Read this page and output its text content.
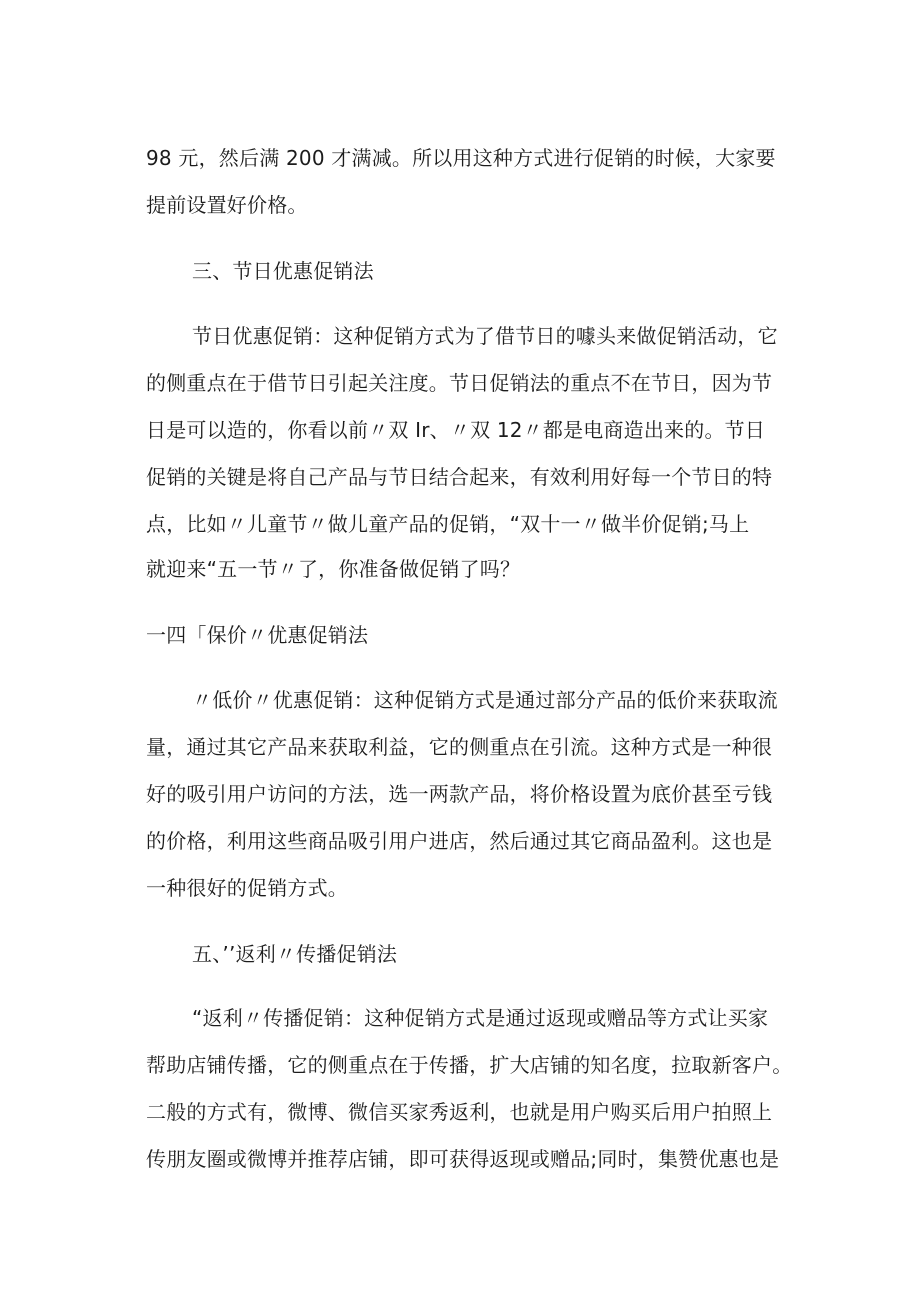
98 元，然后满 200 才满减。所以用这种方式进行促销的时候，大家要
提前设置好价格。
三、节日优惠促销法
节日优惠促销：这种促销方式为了借节日的噱头来做促销活动，它
的侧重点在于借节日引起关注度。节日促销法的重点不在节日，因为节
日是可以造的，你看以前〃双 Ir、〃双 12〃都是电商造出来的。节日
促销的关键是将自己产品与节日结合起来，有效利用好每一个节日的特
点，比如〃儿童节〃做儿童产品的促销，“双十一〃做半价促销;马上
就迎来“五一节〃了，你准备做促销了吗？
一四「保价〃优惠促销法
〃低价〃优惠促销：这种促销方式是通过部分产品的低价来获取流
量，通过其它产品来获取利益，它的侧重点在引流。这种方式是一种很
好的吸引用户访问的方法，选一两款产品，将价格设置为底价甚至亏钱
的价格，利用这些商品吸引用户进店，然后通过其它商品盈利。这也是
一种很好的促销方式。
五、’’返利〃传播促销法
“返利〃传播促销：这种促销方式是通过返现或赠品等方式让买家
帮助店铺传播，它的侧重点在于传播，扩大店铺的知名度，拉取新客户。
二般的方式有，微博、微信买家秀返利，也就是用户购买后用户拍照上
传朋友圈或微博并推荐店铺，即可获得返现或赠品;同时，集赞优惠也是
